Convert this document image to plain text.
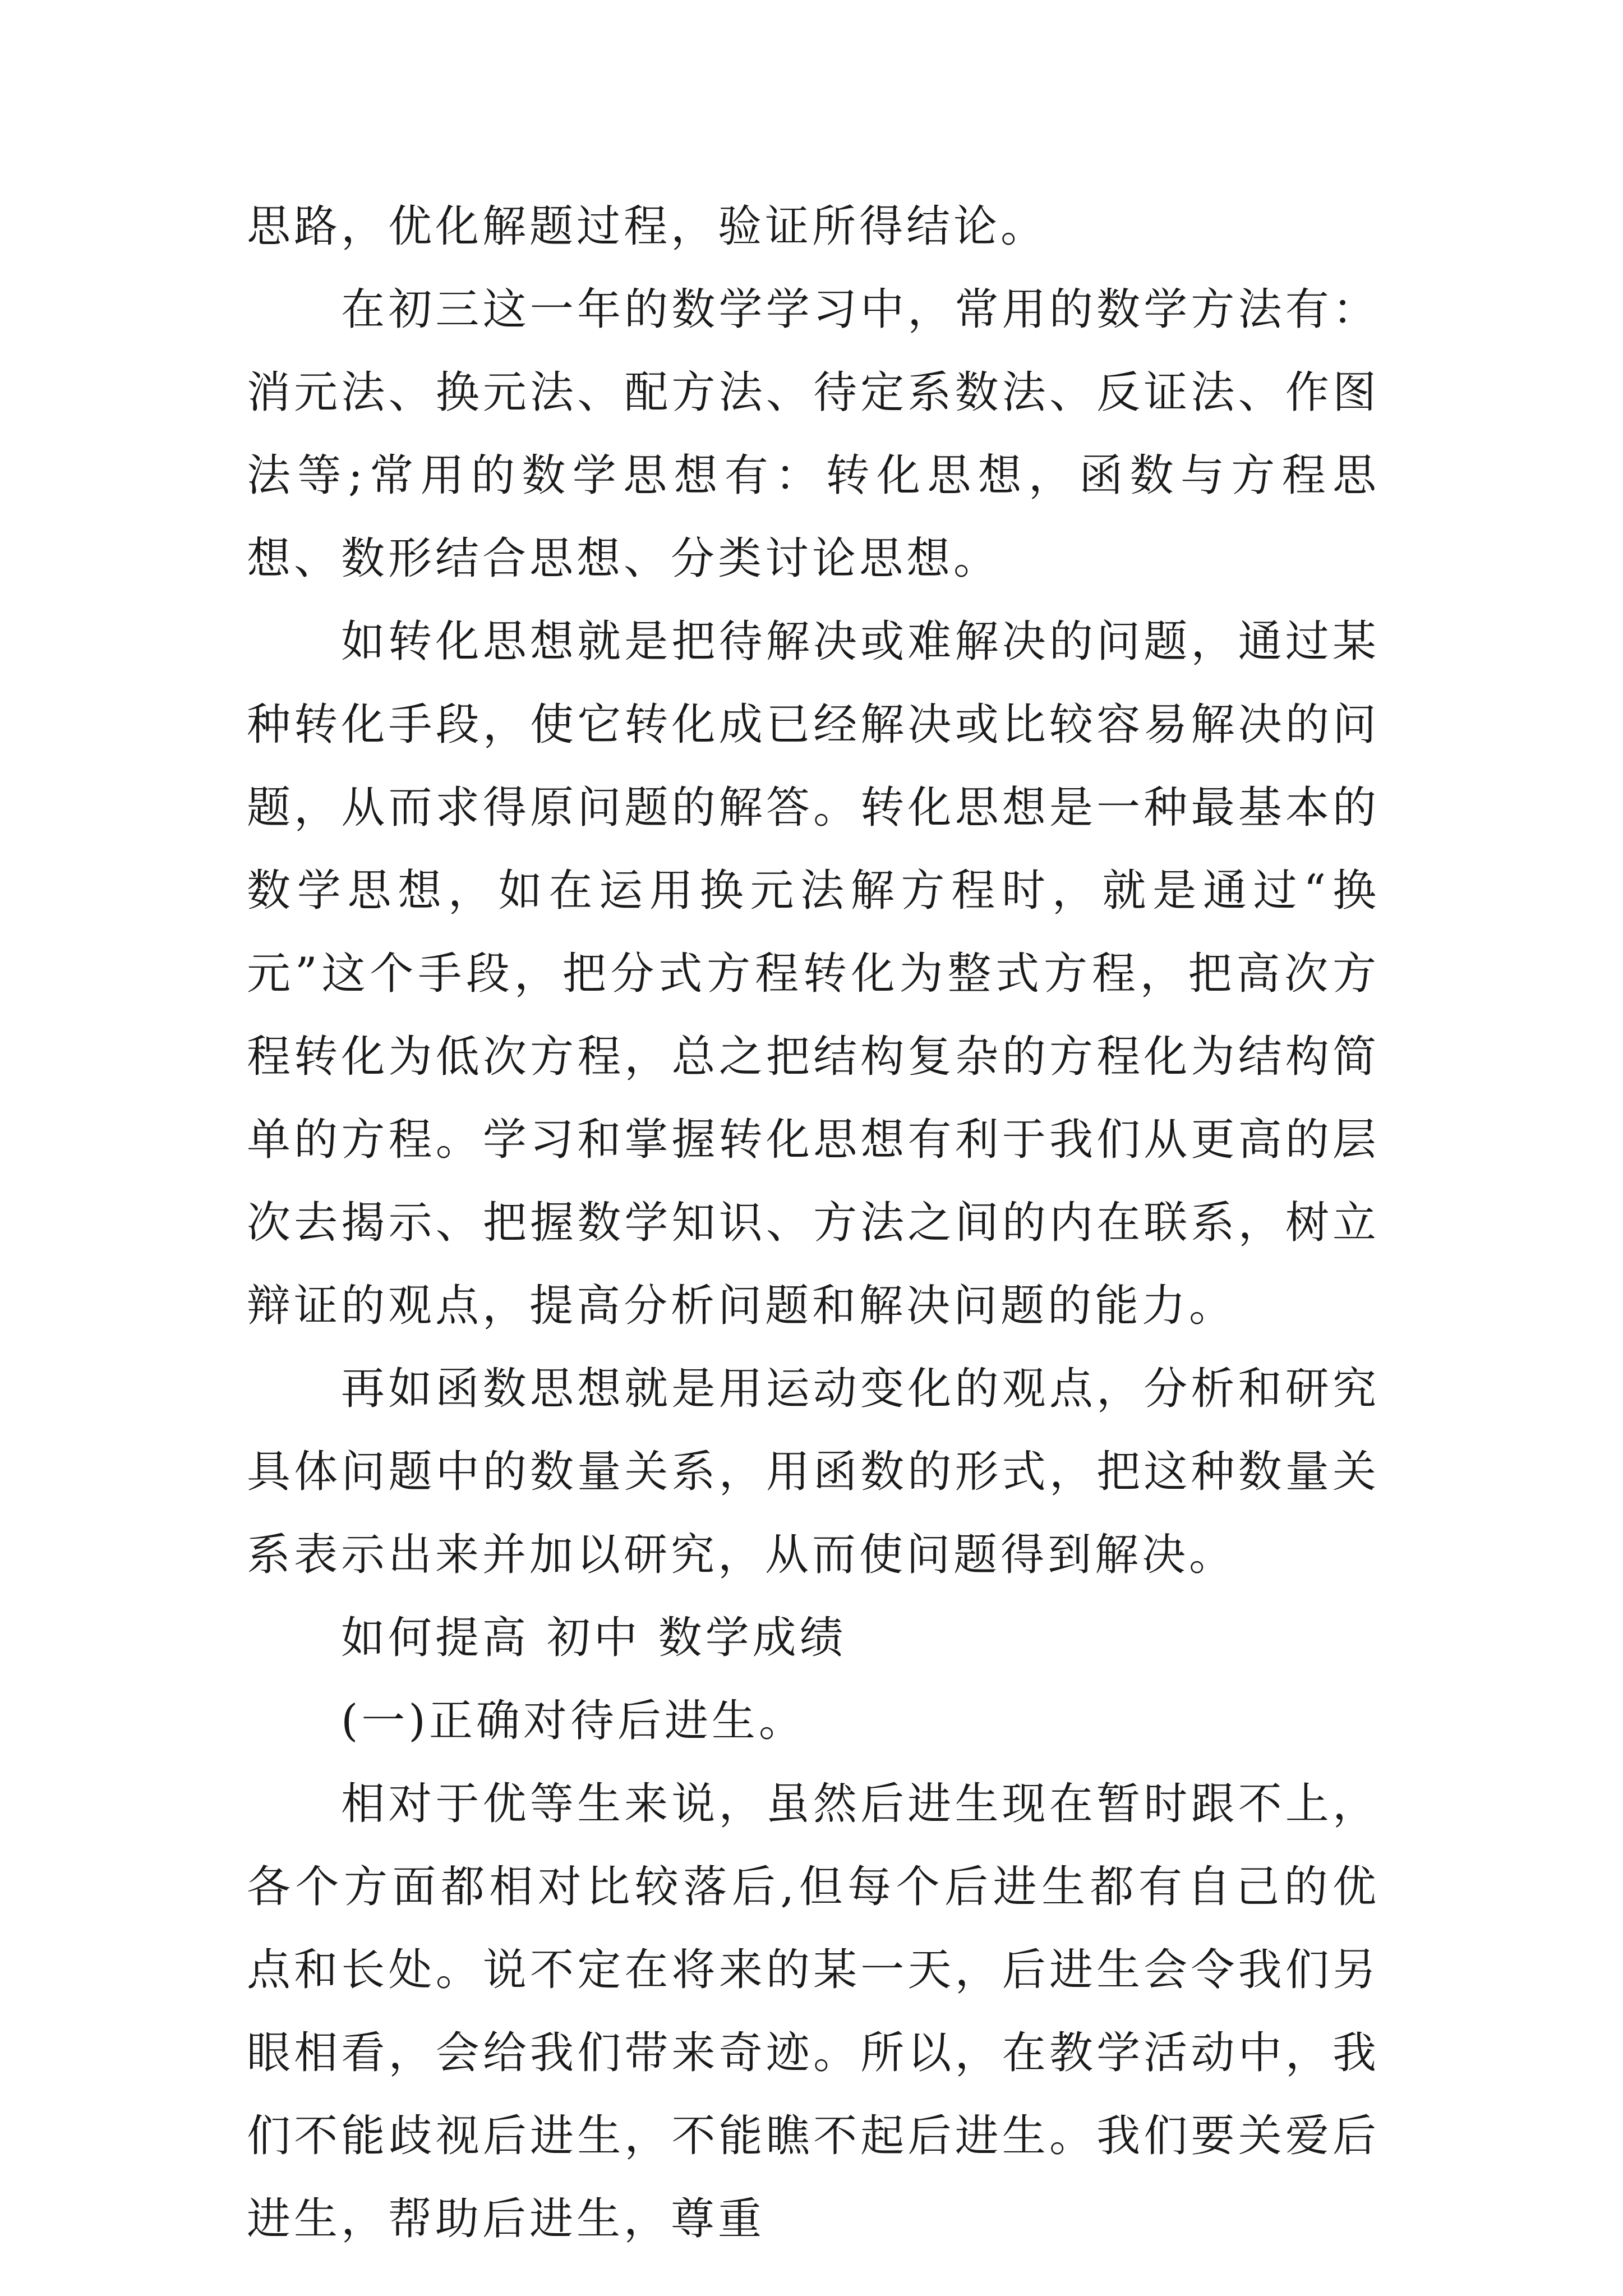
思路，优化解题过程，验证所得结论。

在初三这一年的数学学习中，常用的数学方法有：消元法、换元法、配方法、待定系数法、反证法、作图法等;常用的数学思想有：转化思想，函数与方程思想、数形结合思想、分类讨论思想。

如转化思想就是把待解决或难解决的问题，通过某种转化手段，使它转化成已经解决或比较容易解决的问题，从而求得原问题的解答。转化思想是一种最基本的数学思想，如在运用换元法解方程时，就是通过“换元”这个手段，把分式方程转化为整式方程，把高次方程转化为低次方程，总之把结构复杂的方程化为结构简单的方程。学习和掌握转化思想有利于我们从更高的层次去揭示、把握数学知识、方法之间的内在联系，树立辩证的观点，提高分析问题和解决问题的能力。

再如函数思想就是用运动变化的观点，分析和研究具体问题中的数量关系，用函数的形式，把这种数量关系表示出来并加以研究，从而使问题得到解决。

如何提高 初中 数学成绩

(一)正确对待后进生。

相对于优等生来说，虽然后进生现在暂时跟不上，各个方面都相对比较落后,但每个后进生都有自己的优点和长处。说不定在将来的某一天，后进生会令我们另眼相看，会给我们带来奇迹。所以，在教学活动中，我们不能歧视后进生，不能瞧不起后进生。我们要关爱后进生，帮助后进生，尊重
